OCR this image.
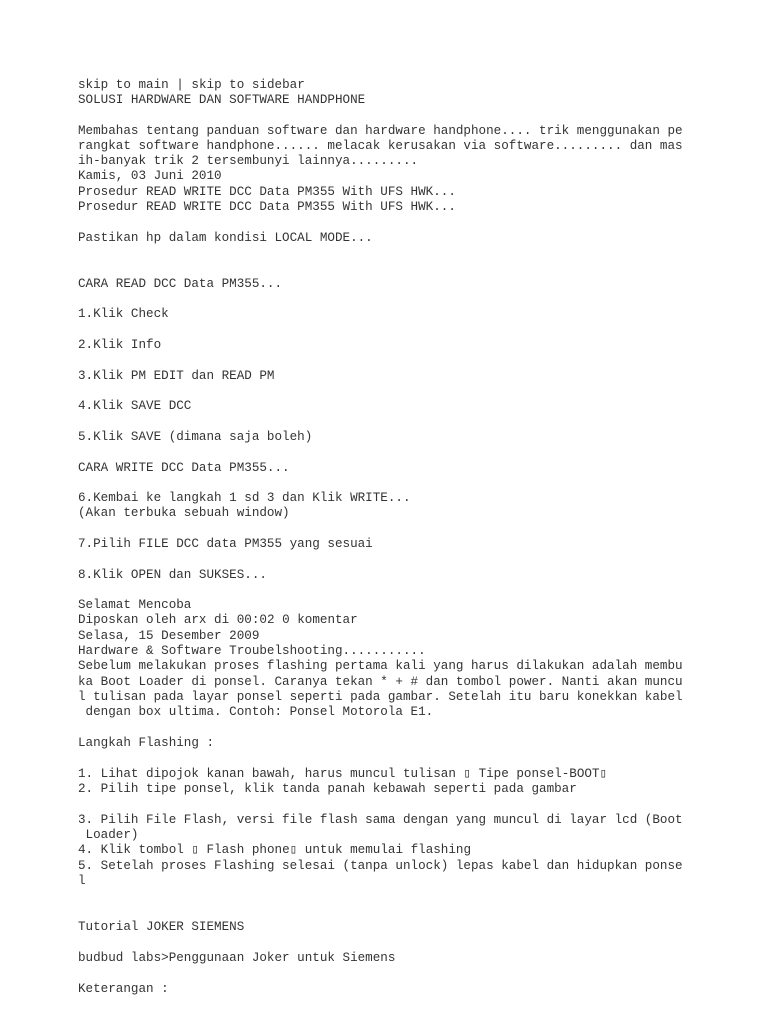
skip to main | skip to sidebar

SOLUSI HARDWARE DAN SOFTWARE HANDPHONE

Membahas tentang panduan software dan hardware handphone.... trik menggunakan pe

rangkat software handphone...... melacak kerusakan via software......... dan mas

ih-banyak trik 2 tersembunyi lainnya.........

Kamis, 03 Juni 2010

Prosedur READ WRITE DCC Data PM355 With UFS HWK...

Prosedur READ WRITE DCC Data PM355 With UFS HWK...

Pastikan hp dalam kondisi LOCAL MODE...

CARA READ DCC Data PM355...

1.Klik Check

2.Klik Info

3.Klik PM EDIT dan READ PM

4.Klik SAVE DCC

5.Klik SAVE (dimana saja boleh)

CARA WRITE DCC Data PM355...

6.Kembai ke langkah 1 sd 3 dan Klik WRITE...

(Akan terbuka sebuah window)

7.Pilih FILE DCC data PM355 yang sesuai

8.Klik OPEN dan SUKSES...

Selamat Mencoba

Diposkan oleh arx di 00:02 0 komentar

Selasa, 15 Desember 2009

Hardware & Software Troubelshooting...........

Sebelum melakukan proses flashing pertama kali yang harus dilakukan adalah membu

ka Boot Loader di ponsel. Caranya tekan * + # dan tombol power. Nanti akan muncu

l tulisan pada layar ponsel seperti pada gambar. Setelah itu baru konekkan kabel

dengan box ultima. Contoh: Ponsel Motorola E1.

Langkah Flashing :

1. Lihat dipojok kanan bawah, harus muncul tulisan ▯ Tipe ponsel-BOOT▯

2. Pilih tipe ponsel, klik tanda panah kebawah seperti pada gambar

3. Pilih File Flash, versi file flash sama dengan yang muncul di layar lcd (Boot

Loader)

4. Klik tombol ▯ Flash phone▯ untuk memulai flashing

5. Setelah proses Flashing selesai (tanpa unlock) lepas kabel dan hidupkan ponse

l

Tutorial JOKER SIEMENS

budbud labs>Penggunaan Joker untuk Siemens

Keterangan :
